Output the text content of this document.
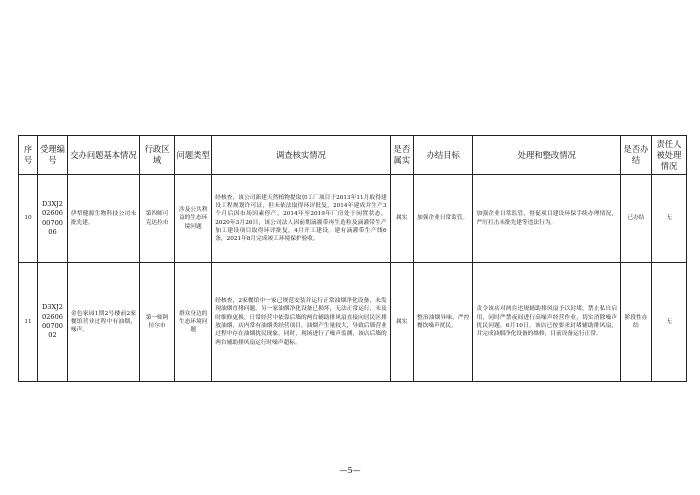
序号	受理编号	交办问题基本情况	行政区域	问题类型	调查核实情况	是否属实	办结目标	处理和整改情况	是否办结	责任人被处理情况
10	D3XJ2026060070006	伊犁健源生物科技公司未批先建。	第四师可克达拉市	涉及公共利益的生态环境问题	经核查，该公司新建天然植物提取加工厂项目于2013年11月取得建设工程规划许可证，但未依法取得环评批复，2014年建成并生产3个月后因市场因素停产，2014年至2019年厂房处于闲置状态。2020年3月26日，该公司法人因前期滴灌带再生造粒及滴灌带生产加工建设项目取得环评批复，4月开工建设。建有滴灌带生产线6条，2021年8月完成竣工环境保护验收。	属实	加强企业日常监管。	加强企业日常监管，督促项目建设环保手续办理情况，严厉打击未批先建等违法行为。	已办结	无
11	D3XJ2026060070002	金色家园1期2号楼前2家餐馆营业过程中有油烟、噪声。	第一师阿拉尔市	群众身边的生态环境问题	经核查，2家餐馆中一家已规范安装并运行正常油烟净化设备，未发现油烟直排问题。另一家油烟净化设备已损坏，无法正常运行，未及时维修更换。日常经营中依靠后墙的两台辅助排风扇直接向居民区排放油烟，店内常有油烟类经营项目，油烟产生量较大，导致后墙营业过程中存在油烟扰民现象，同时，现场进行了噪声监测，该店后墙的两台辅助排风扇运行时噪声超标。	属实	整治油烟异味、严控餐饮噪声扰民。	责令该店对两台违规辅助排风扇予以封堵，禁止私自启用，同时严禁夜间进行高噪声经营作业，切实消除噪声扰民问题。6月10日，该店已按要求封堵辅助排风扇，并完成油烟净化设备的维修，目前设备运行正常。	阶段性办结	无
—5—
